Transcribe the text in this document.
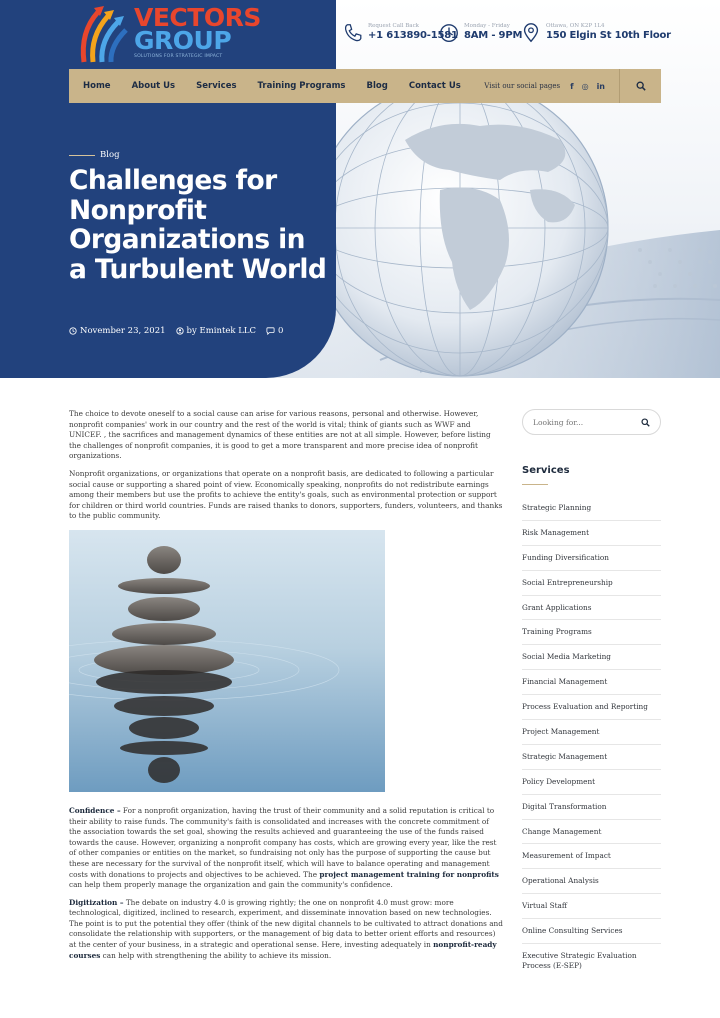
VECTORS
GROUP
SOLUTIONS FOR STRATEGIC IMPACT
Request Call Back
+1 613890-1581
Monday - Friday
8AM - 9PM
Ottawa, ON K2P 1L4
150 Elgin St 10th Floor
Home About Us Services Training Programs Blog Contact Us	Visit our social pages f ◎ in
Blog
Challenges for Nonprofit Organizations in a Turbulent World
November 23, 2021 by Emintek LLC	0

The choice to devote oneself to a social cause can arise for various reasons, personal and otherwise. However, nonprofit companies' work in our country and the rest of the world is vital; think of giants such as WWF and UNICEF. , the sacrifices and management dynamics of these entities are not at all simple. However, before listing the challenges of nonprofit companies, it is good to get a more transparent and more precise idea of nonprofit organizations.

Nonprofit organizations, or organizations that operate on a nonprofit basis, are dedicated to following a particular social cause or supporting a shared point of view. Economically speaking, nonprofits do not redistribute earnings among their members but use the profits to achieve the entity's goals, such as environmental protection or support for children or third world countries. Funds are raised thanks to donors, supporters, funders, volunteers, and thanks to the public community.

Confidence – For a nonprofit organization, having the trust of their community and a solid reputation is critical to their ability to raise funds. The community's faith is consolidated and increases with the concrete commitment of the association towards the set goal, showing the results achieved and guaranteeing the use of the funds raised towards the cause. However, organizing a nonprofit company has costs, which are growing every year, like the rest of other companies or entities on the market, so fundraising not only has the purpose of supporting the cause but these are necessary for the survival of the nonprofit itself, which will have to balance operating and management costs with donations to projects and objectives to be achieved. The project management training for nonprofits can help them properly manage the organization and gain the community's confidence.

Digitization – The debate on industry 4.0 is growing rightly; the one on nonprofit 4.0 must grow: more technological, digitized, inclined to research, experiment, and disseminate innovation based on new technologies. The point is to put the potential they offer (think of the new digital channels to be cultivated to attract donations and consolidate the relationship with supporters, or the management of big data to better orient efforts and resources) at the center of your business, in a strategic and operational sense. Here, investing adequately in nonprofit-ready courses can help with strengthening the ability to achieve its mission.

Looking for...
Services
Strategic Planning
Risk Management
Funding Diversification
Social Entrepreneurship
Grant Applications
Training Programs
Social Media Marketing
Financial Management
Process Evaluation and Reporting
Project Management
Strategic Management
Policy Development
Digital Transformation
Change Management
Measurement of Impact
Operational Analysis
Virtual Staff
Online Consulting Services
Executive Strategic Evaluation Process (E-SEP)
